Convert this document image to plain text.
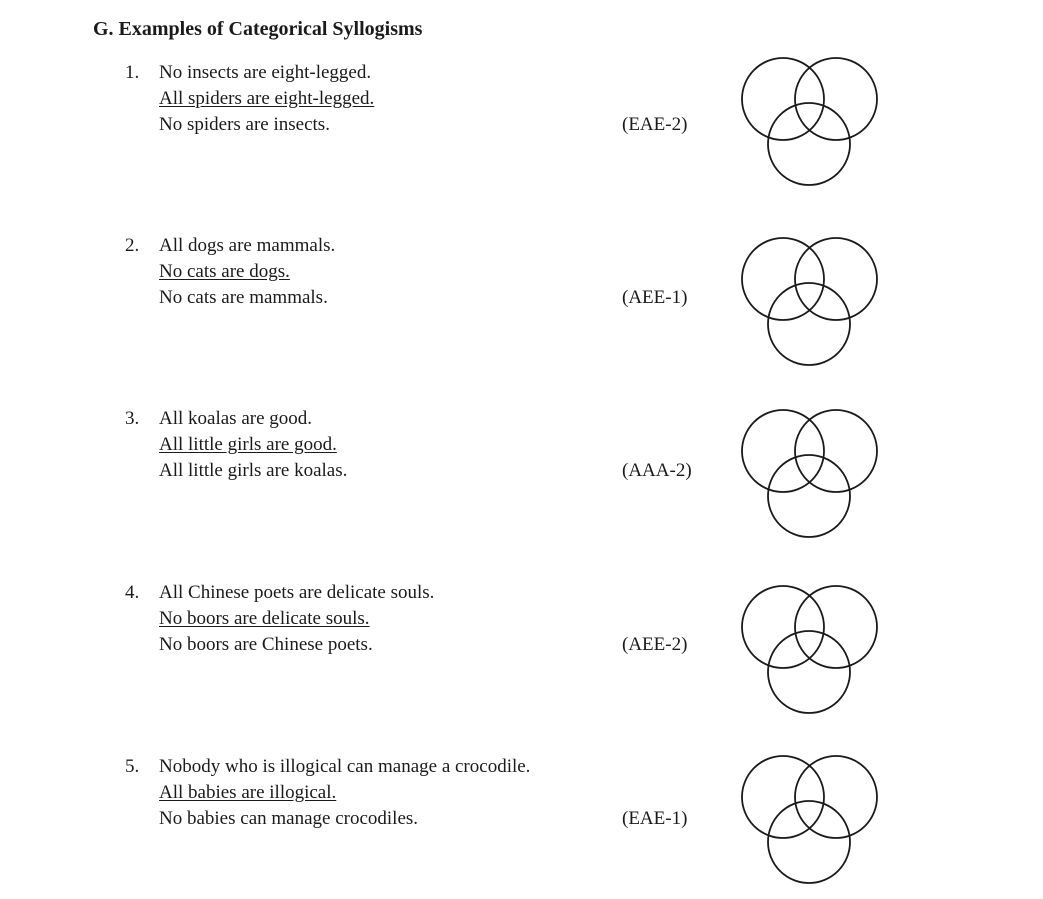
G. Examples of Categorical Syllogisms
1. No insects are eight-legged.
All spiders are eight-legged.
No spiders are insects.	(EAE-2)
2. All dogs are mammals.
No cats are dogs.
No cats are mammals.	(AEE-1)
3. All koalas are good.
All little girls are good.
All little girls are koalas.	(AAA-2)
4. All Chinese poets are delicate souls.
No boors are delicate souls.
No boors are Chinese poets.	(AEE-2)
5. Nobody who is illogical can manage a crocodile.
All babies are illogical.
No babies can manage crocodiles.	(EAE-1)
